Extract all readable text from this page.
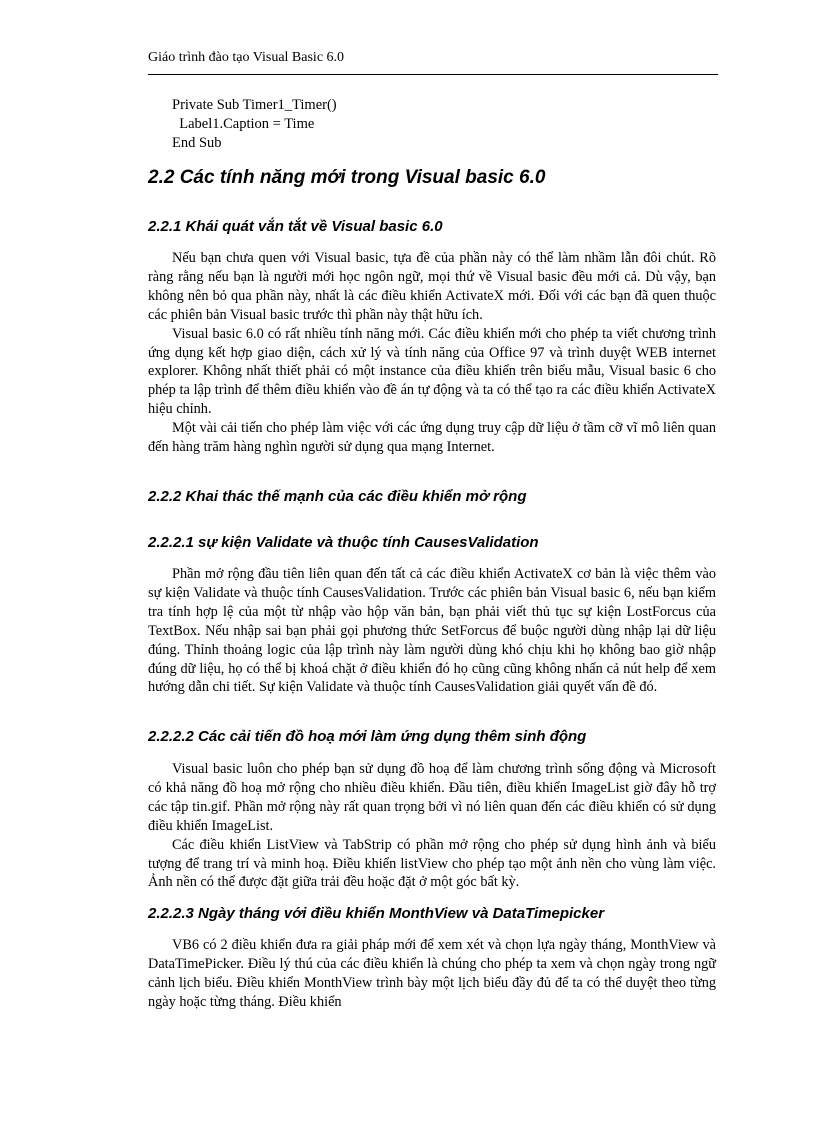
Giáo trình đào tạo Visual Basic 6.0
Private Sub Timer1_Timer()
Label1.Caption = Time
End Sub
2.2 Các tính năng mới trong Visual basic 6.0
2.2.1 Khái quát vắn tắt về Visual basic 6.0

Nếu bạn chưa quen với Visual basic, tựa đề của phần này có thể làm nhầm lẫn đôi chút. Rõ ràng rằng nếu bạn là người mới học ngôn ngữ, mọi thứ về Visual basic đều mới cả. Dù vậy, bạn không nên bỏ qua phần này, nhất là các điều khiển ActivateX mới. Đối với các bạn đã quen thuộc các phiên bản Visual basic trước thì phần này thật hữu ích.

Visual basic 6.0 có rất nhiều tính năng mới. Các điều khiển mới cho phép ta viết chương trình ứng dụng kết hợp giao diện, cách xử lý và tính năng của Office 97 và trình duyệt WEB internet explorer. Không nhất thiết phải có một instance của điều khiển trên biểu mẫu, Visual basic 6 cho phép ta lập trình để thêm điều khiển vào đề án tự động và ta có thể tạo ra các điều khiển ActivateX hiệu chỉnh.

Một vài cải tiến cho phép làm việc với các ứng dụng truy cập dữ liệu ở tầm cỡ vĩ mô liên quan đến hàng trăm hàng nghìn người sử dụng qua mạng Internet.

2.2.2 Khai thác thế mạnh của các điều khiển mở rộng
2.2.2.1 sự kiện Validate và thuộc tính CausesValidation

Phần mở rộng đầu tiên liên quan đến tất cả các điều khiển ActivateX cơ bản là việc thêm vào sự kiện Validate và thuộc tính CausesValidation. Trước các phiên bản Visual basic 6, nếu bạn kiểm tra tính hợp lệ của một từ nhập vào hộp văn bản, bạn phải viết thủ tục sự kiện LostForcus của TextBox. Nếu nhập sai bạn phải gọi phương thức SetForcus để buộc người dùng nhập lại dữ liệu đúng. Thỉnh thoảng logic của lập trình này làm người dùng khó chịu khi họ không bao giờ nhập đúng dữ liệu, họ có thể bị khoá chặt ở điều khiển đó họ cũng cũng không nhấn cả nút help để xem hướng dẫn chi tiết. Sự kiện Validate và thuộc tính CausesValidation giải quyết vấn đề đó.

2.2.2.2 Các cải tiến đồ hoạ mới làm ứng dụng thêm sinh động

Visual basic luôn cho phép bạn sử dụng đồ hoạ để làm chương trình sống động và Microsoft có khả năng đồ hoạ mở rộng cho nhiều điều khiển. Đầu tiên, điều khiển ImageList giờ đây hỗ trợ các tập tin.gif. Phần mở rộng này rất quan trọng bởi vì nó liên quan đến các điều khiển có sử dụng điều khiển ImageList.

Các điều khiển ListView và TabStrip có phần mở rộng cho phép sử dụng hình ảnh và biểu tượng để trang trí và minh hoạ. Điều khiển listView cho phép tạo một ảnh nền cho vùng làm việc. Ảnh nền có thể được đặt giữa trải đều hoặc đặt ở một góc bất kỳ.

2.2.2.3 Ngày tháng với điều khiển MonthView và DataTimepicker

VB6 có 2 điều khiển đưa ra giải pháp mới để xem xét và chọn lựa ngày tháng, MonthView và DataTimePicker. Điều lý thú của các điều khiển là chúng cho phép ta xem và chọn ngày trong ngữ cảnh lịch biểu. Điều khiển MonthView trình bày một lịch biểu đầy đủ để ta có thể duyệt theo từng ngày hoặc từng tháng. Điều khiển
